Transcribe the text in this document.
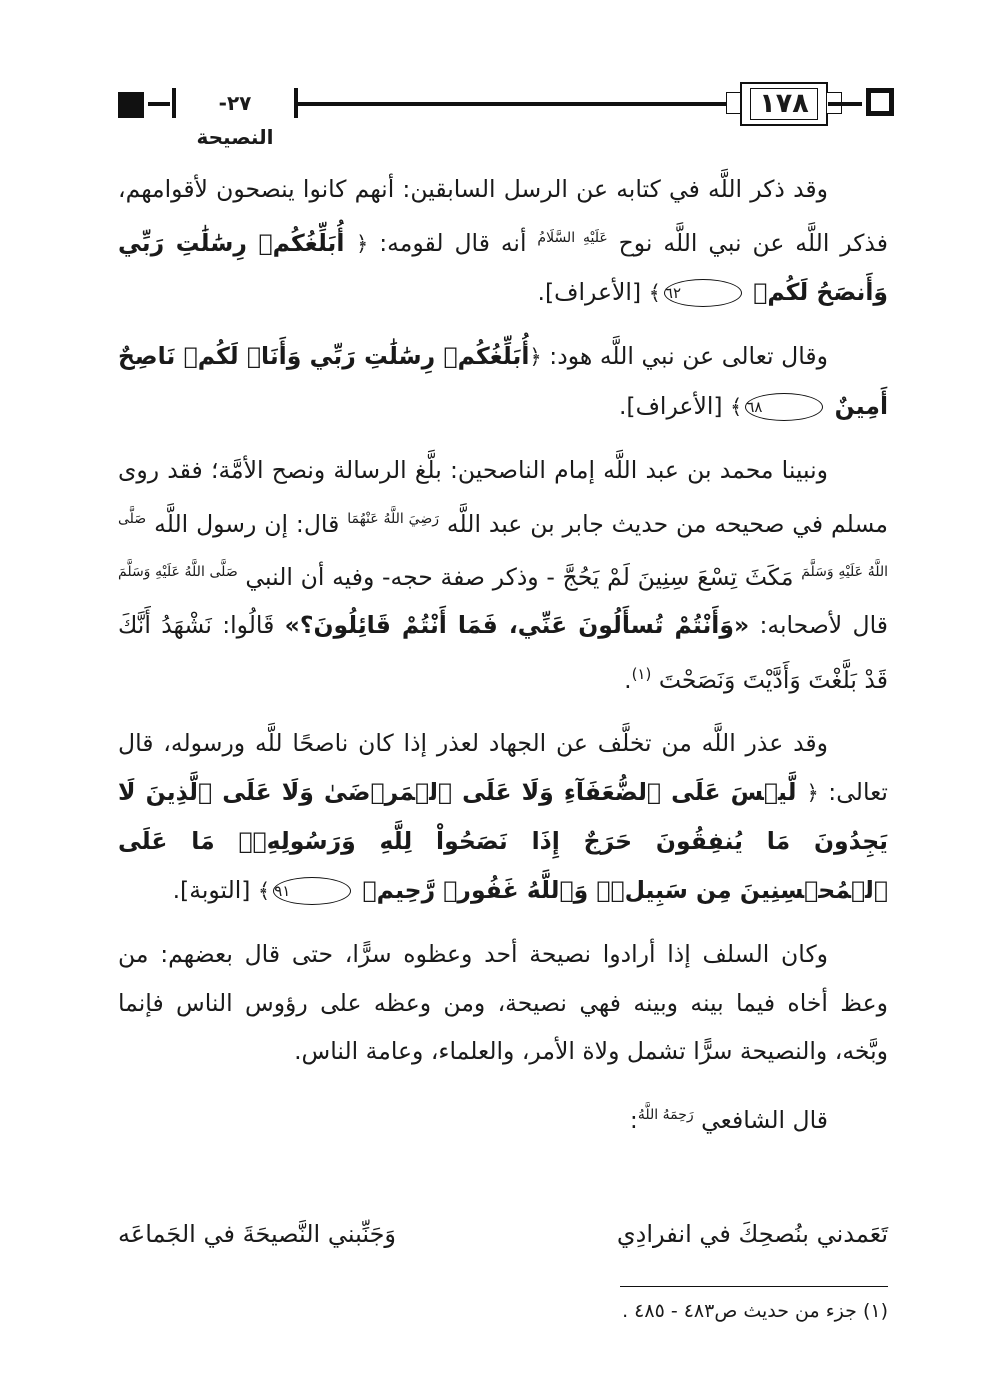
٢٧- النصيحة
١٧٨

وقد ذكر اللَّه في كتابه عن الرسل السابقين: أنهم كانوا ينصحون لأقوامهم، فذكر اللَّه عن نبي اللَّه نوح $^{عَلَيْهِ السَّلَامُ}$ أنه قال لقومه: ﴿ أُبَلِّغُكُمۡ رِسَٰلَٰتِ رَبِّي وَأَنصَحُ لَكُمۡ ٦٢﴾ [الأعراف].

وقال تعالى عن نبي اللَّه هود: ﴿أُبَلِّغُكُمۡ رِسَٰلَٰتِ رَبِّي وَأَنَا۠ لَكُمۡ نَاصِحٌ أَمِينٌ ٦٨﴾ [الأعراف].

ونبينا محمد بن عبد اللَّه إمام الناصحين: بلَّغ الرسالة ونصح الأمَّة؛ فقد روى مسلم في صحيحه من حديث جابر بن عبد اللَّه $^{رَضِيَ اللَّهُ عَنْهُمَا}$ قال: إن رسول اللَّه $^{صَلَّى اللَّهُ عَلَيْهِ وَسَلَّمَ}$ مَكَثَ تِسْعَ سِنِينَ لَمْ يَحُجَّ - وذكر صفة حجه- وفيه أن النبي $^{صَلَّى اللَّهُ عَلَيْهِ وَسَلَّمَ}$ قال لأصحابه: «وَأَنْتُمْ تُسأَلُونَ عَنِّي، فَمَا أَنْتُمْ قَائِلُونَ؟» قَالُوا: نَشْهَدُ أَنَّكَ قَدْ بَلَّغْتَ وَأَدَّيْتَ وَنَصَحْتَ $^{(١)}$.

وقد عذر اللَّه من تخلَّف عن الجهاد لعذر إذا كان ناصحًا للَّه ورسوله، قال تعالى: ﴿ لَّيۡسَ عَلَى ٱلضُّعَفَآءِ وَلَا عَلَى ٱلۡمَرۡضَىٰ وَلَا عَلَى ٱلَّذِينَ لَا يَجِدُونَ مَا يُنفِقُونَ حَرَجٌ إِذَا نَصَحُواْ لِلَّهِ وَرَسُولِهِۦۚ مَا عَلَى ٱلۡمُحۡسِنِينَ مِن سَبِيلٖۚ وَٱللَّهُ غَفُورٞ رَّحِيمٞ ٩١﴾ [التوبة].

وكان السلف إذا أرادوا نصيحة أحد وعظوه سرًّا، حتى قال بعضهم: من وعظ أخاه فيما بينه وبينه فهي نصيحة، ومن وعظه على رؤوس الناس فإنما وبَّخه، والنصيحة سرًّا تشمل ولاة الأمر، والعلماء، وعامة الناس.

قال الشافعي $^{رَحِمَهُ اللَّهُ}$:

تَعَمدني بنُصحِكَ في انفرادِي
وَجَنِّبني النَّصيحَةَ في الجَماعَه
(١) جزء من حديث ص٤٨٣ - ٤٨٥ .
